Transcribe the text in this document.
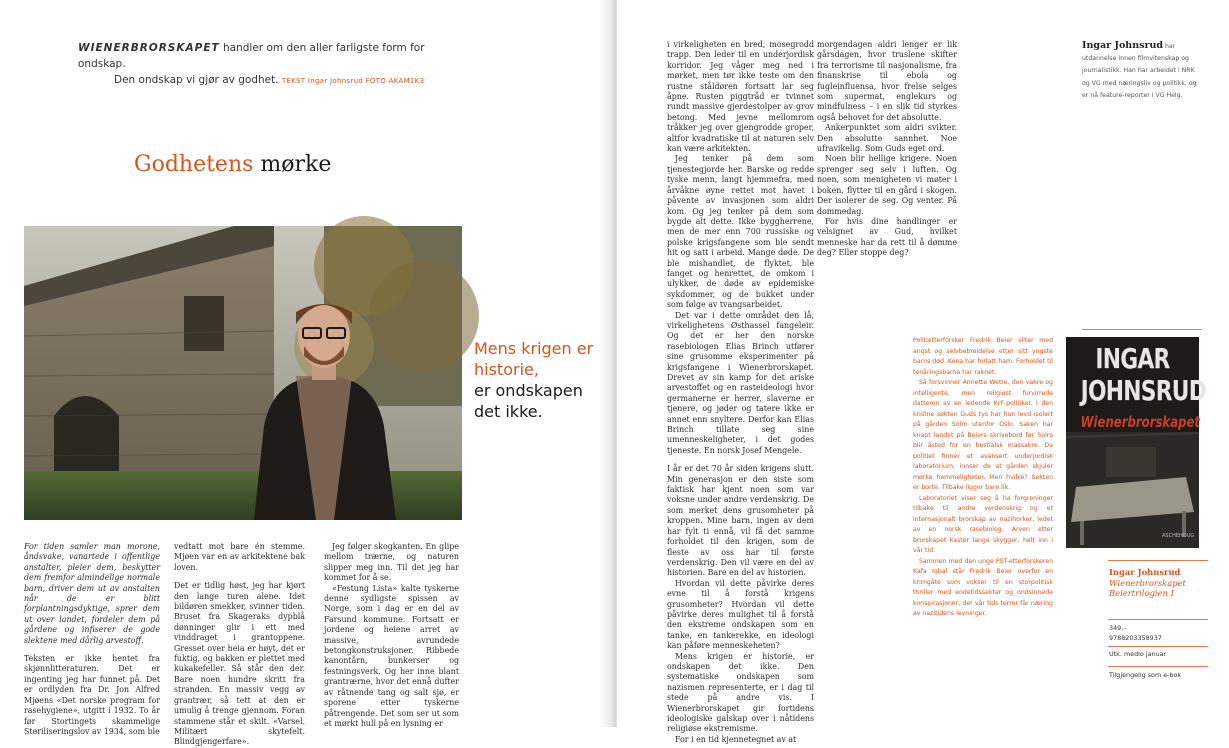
WIENERBRORSKAPET handler om den aller farligste form for ondskap.
Den ondskap vi gjør av godhet. TEKST Ingar Johnsrud FOTO AKAM1K3
Godhetens mørke
Mens krigen er historie,
er ondskapen det ikke.

For tiden samler man morone, åndsvake, vanartede i offentlige anstalter, pleier dem, beskytter dem fremfor almindelige normale barn, driver dem ut av anstalten når de er blitt forplantningsdyktige, sprer dem ut over landet, fordeler dem på gårdene og infiserer de gode slektene med dårlig arvestoff.

Teksten er ikke hentet fra skjønnlitteraturen. Det er ingenting jeg har funnet på. Det er ordlyden fra Dr. Jon Alfred Mjøens «Det norske program for rasehygiene», utgitt i 1932. To år før Stortingets skammelige Steriliseringslov av 1934, som ble

vedtatt mot bare én stemme. Mjøen var en av arkitektene bak loven.

Det er tidlig høst, jeg har kjørt den lange turen alene. Idet bildøren smekker, svinner tiden. Bruset fra Skageraks dypblå dønninger glir i ett med vinddraget i grantoppene. Gresset over heia er høyt, det er fuktig, og bakken er plettet med kukakefeller. Så står den der. Bare noen hundre skritt fra stranden. En massiv vegg av grantrær, så tett at den er umulig å trenge gjennom. Foran stammene står et skilt. «Varsel. Militært skytefelt. Blindgjengerfare».

Jeg følger skogkanten. En glipe mellom trærne, og naturen slipper meg inn. Til det jeg har kommet for å se.

«Festung Lista» kalte tyskerne denne sydligste spissen av Norge, som i dag er en del av Farsund kommune. Fortsatt er jordene og heiene arret av massive, avrundede betongkonstruksjoner. Ribbede kanontårn, bunkerser og festningsverk. Og her inne blant grantrærne, hvor det ennå dufter av råtnende tang og salt sjø, er sporene etter tyskerne påtrengende. Det som ser ut som et mørkt hull på en lysning er

i virkeligheten en bred, mosegrodd trapp. Den leder til en underjordisk korridor. Jeg våger meg ned i mørket, men tør ikke teste om den rustne ståldøren fortsatt lar seg åpne. Rusten piggtråd er tvinnet rundt massive gjerdestolper av grov betong. Med jevne mellomrom tråkker jeg over gjengrodde groper, altfor kvadratiske til at naturen selv kan være arkitekten.

Jeg tenker på dem som tjenestegjorde her. Barske og redde tyske menn, langt hjemmefra, med årvåkne øyne rettet mot havet i påvente av invasjonen som aldri kom. Og jeg tenker på dem som bygde alt dette. Ikke byggherrene, men de mer enn 700 russiske og polske krigsfangene som ble sendt hit og satt i arbeid. Mange døde. De ble mishandlet, de flyktet, ble fanget og henrettet, de omkom i ulykker, de døde av epidemiske sykdommer, og de bukket under som følge av tvangsarbeidet.

Det var i dette området den lå, virkelighetens Østhassel fangeleir. Og det er her den norske rasebiologen Elias Brinch utfører sine grusomme eksperimenter på krigsfangene i Wienerbrorskapet. Drevet av sin kamp for det ariske arvestoffet og en rasteideologi hvor germanerne er herrer, slaverne er tjenere, og jøder og tatere ikke er annet enn snyltere. Derfor kan Elias Brinch tillate seg sine umenneskeligheter, i det godes tjeneste. En norsk Josef Mengele.

I år er det 70 år siden krigens slutt. Min generasjon er den siste som faktisk har kjent noen som var voksne under andre verdenskrig. De som merket dens grusomheter på kroppen. Mine barn, ingen av dem har fylt ti ennå, vil få det samme forholdet til den krigen, som de fleste av oss har til første verdenskrig. Den vil være en del av historien. Bare en del av historien.

Hvordan vil dette påvirke deres evne til å forstå krigens grusomheter? Hvordan vil dette påvirke deres mulighet til å forstå den ekstreme ondskapen som en tanke, en tankerekke, en ideologi kan påføre menneskeheten?

Mens krigen er historie, er ondskapen det ikke. Den systematiske ondskapen som nazismen representerte, er i dag til stede på andre vis. I Wienerbrorskapet gir fortidens ideologiske galskap over i nåtidens religiøse ekstremisme.

For i en tid kjennetegnet av at

morgendagen aldri lenger er lik gårsdagen, hvor truslene skifter fra terrorisme til nasjonalisme, fra finanskrise til ebola og fugleinfluensa, hvor frelse selges som supermat, englekurs og mindfulness – i en slik tid styrkes også behovet for det absolutte.

Ankerpunktet som aldri svikter. Den absolutte sannhet. Noe ufravikelig. Som Guds eget ord.

Noen blir hellige krigere. Noen sprenger seg selv i luften. Og noen, som menigheten vi møter i boken, flytter til en gård i skogen. Der isolerer de seg. Og venter. På dommedag.

For hvis dine handlinger er velsignet av Gud, hvilket menneske har da rett til å dømme deg? Eller stoppe deg?

Politietterforsker Fredrik Beier sliter med angst og selvbebreidelse etter sitt yngste barns død. Kona har forlatt ham. Forholdet til tenåringsbarna har raknet.

Så forsvinner Annette Wetre, den vakre og intelligente, men religiøst forvirrede datteren av en ledende KrF-politiker. I den kristne sekten Guds tys har hun levd isolert på gården Solro utenfor Oslo. Saken har knapt landet på Beiers skrivebord før Solro blir åsted for en bestialsk massakre. Da politiet finner et avansert underjordisk laboratorium, innser de at gården skjuler mørke hemmeligheter. Men hvilke? Sekten er borte. Tilbake ligger bare lik.

Laboratoriet viser seg å ha forgreninger tilbake til andre verdenskrig og et internasjonalt brorskap av nazihorker, ledet av en norsk rasebiolog. Arven etter brorskapet kaster lange skygger, helt inn i vår tid.

Sammen med den unge PST-etterforskeren Kafa Iqbal står Fredrik Beier overfor en krimgåte som vokser til en storpolitisk thriller med endetidssekter og ondsinnede konspirasjoner, der vår tids terror får næring av nazitidens levninger.

Ingar Johnsrud har utdannelse innen filmvitenskap og journalistikk. Han har arbeidet i NRK og VG med næringsliv og politikk, og er nå feature-reporter i VG Helg.
INGAR
JOHNSRUD
Wienerbrorskapet
ASCHEHOUG
Ingar Johnsrud
Wienerbrorskapet
Beiertrilogien I
349,–
9788203358937
Utk. medio januar
Tilgjengelig som e-bok
